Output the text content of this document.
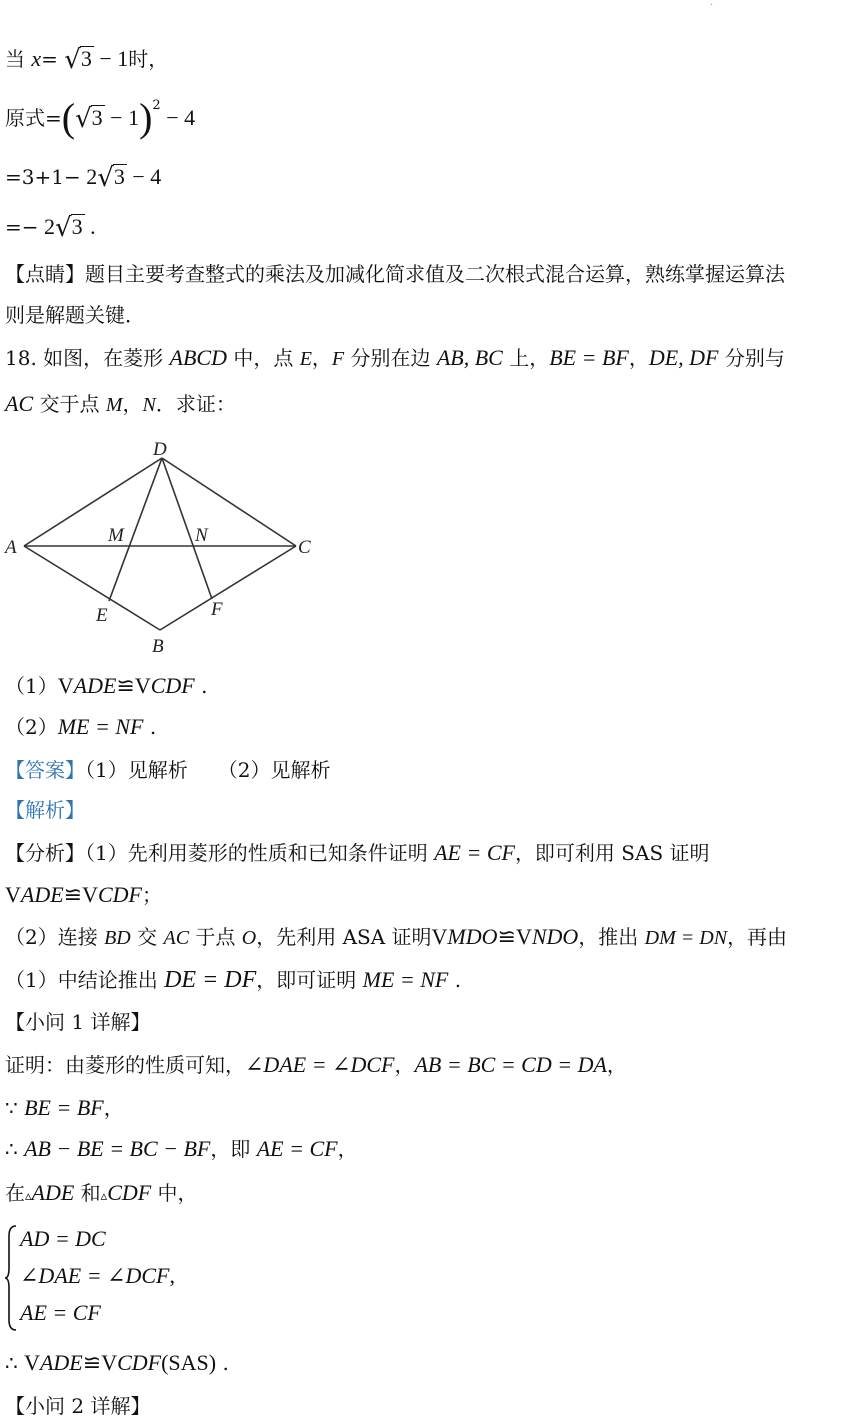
·
当 x= √3 − 1时，
原式$=(√3 - 1)^2 - 4$
=3+1− 2√3 − 4
=− 2√3 .
【点睛】题目主要考查整式的乘法及加减化简求值及二次根式混合运算，熟练掌握运算法
则是解题关键．
18. 如图，在菱形 ABCD 中，点 E，F 分别在边 AB, BC 上，BE = BF，DE, DF 分别与
AC 交于点 M，N．求证：
D
A	C
M	N
E	F
B
（1）VADE≌VCDF .
（2）ME = NF .
【答案】（1）见解析　　（2）见解析
【解析】
【分析】（1）先利用菱形的性质和已知条件证明 AE = CF，即可利用 SAS 证明
VADE≌VCDF；
（2）连接 BD 交 AC 于点 O，先利用 ASA 证明VMDO≌VNDO，推出 DM = DN，再由
（1）中结论推出 DE = DF，即可证明 ME = NF .
【小问 1 详解】
证明：由菱形的性质可知，∠DAE = ∠DCF，AB = BC = CD = DA，
∵ BE = BF，
∴ AB − BE = BC − BF，即 AE = CF，
在▵ADE 和▵CDF 中，
AD = DC
∠DAE = ∠DCF,
AE = CF
∴ VADE≌VCDF(SAS) .
【小问 2 详解】
